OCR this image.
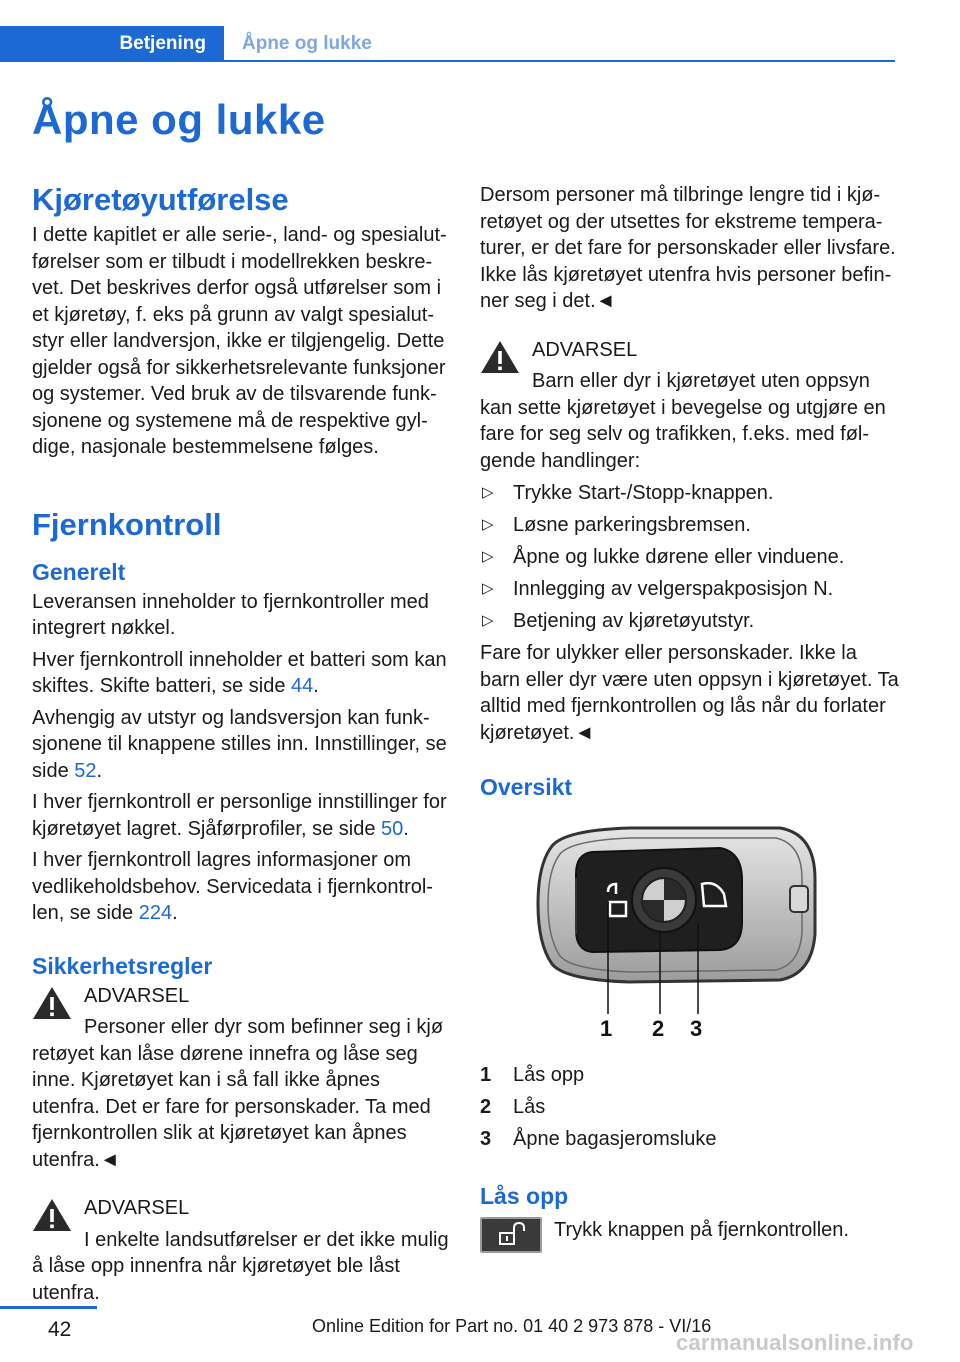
Betjening	Åpne og lukke
Åpne og lukke
Kjøretøyutførelse

I dette kapitlet er alle serie-, land- og spesialutførelser som er tilbudt i modellrekken beskrevet. Det beskrives derfor også utførelser som i et kjøretøy, f. eks på grunn av valgt spesialutstyr eller landversjon, ikke er tilgjengelig. Dette gjelder også for sikkerhetsrelevante funksjoner og systemer. Ved bruk av de tilsvarende funksjonene og systemene må de respektive gyldige, nasjonale bestemmelsene følges.

Fjernkontroll
Generelt

Leveransen inneholder to fjernkontroller med integrert nøkkel.

Hver fjernkontroll inneholder et batteri som kan skiftes. Skifte batteri, se side 44.

Avhengig av utstyr og landsversjon kan funksjonene til knappene stilles inn. Innstillinger, se side 52.

I hver fjernkontroll er personlige innstillinger for kjøretøyet lagret. Sjåførprofiler, se side 50.

I hver fjernkontroll lagres informasjoner om vedlikeholdsbehov. Servicedata i fjernkontrollen, se side 224.

Sikkerhetsregler
ADVARSEL
Personer eller dyr som befinner seg i kjø

retøyet kan låse dørene innefra og låse seg inne. Kjøretøyet kan i så fall ikke åpnes utenfra. Det er fare for personskader. Ta med fjernkontrollen slik at kjøretøyet kan åpnes utenfra.◄

ADVARSEL
I enkelte landsutførelser er det ikke mulig

å låse opp innenfra når kjøretøyet ble låst utenfra.

Dersom personer må tilbringe lengre tid i kjøretøyet og der utsettes for ekstreme temperaturer, er det fare for personskader eller livsfare. Ikke lås kjøretøyet utenfra hvis personer befinner seg i det.◄

ADVARSEL
Barn eller dyr i kjøretøyet uten oppsyn

kan sette kjøretøyet i bevegelse og utgjøre en fare for seg selv og trafikken, f.eks. med følgende handlinger:

▷ Trykke Start-/Stopp-knappen.
▷ Løsne parkeringsbremsen.
▷ Åpne og lukke dørene eller vinduene.
▷ Innlegging av velgerspakposisjon N.
▷ Betjening av kjøretøyutstyr.

Fare for ulykker eller personskader. Ikke la barn eller dyr være uten oppsyn i kjøretøyet. Ta alltid med fjernkontrollen og lås når du forlater kjøretøyet.◄

Oversikt
1 2 3
1	Lås opp
2	Lås
3	Åpne bagasjeromsluke
Lås opp

Trykk knappen på fjernkontrollen.

42	Online Edition for Part no. 01 40 2 973 878 - VI/16
carmanualsonline.info
